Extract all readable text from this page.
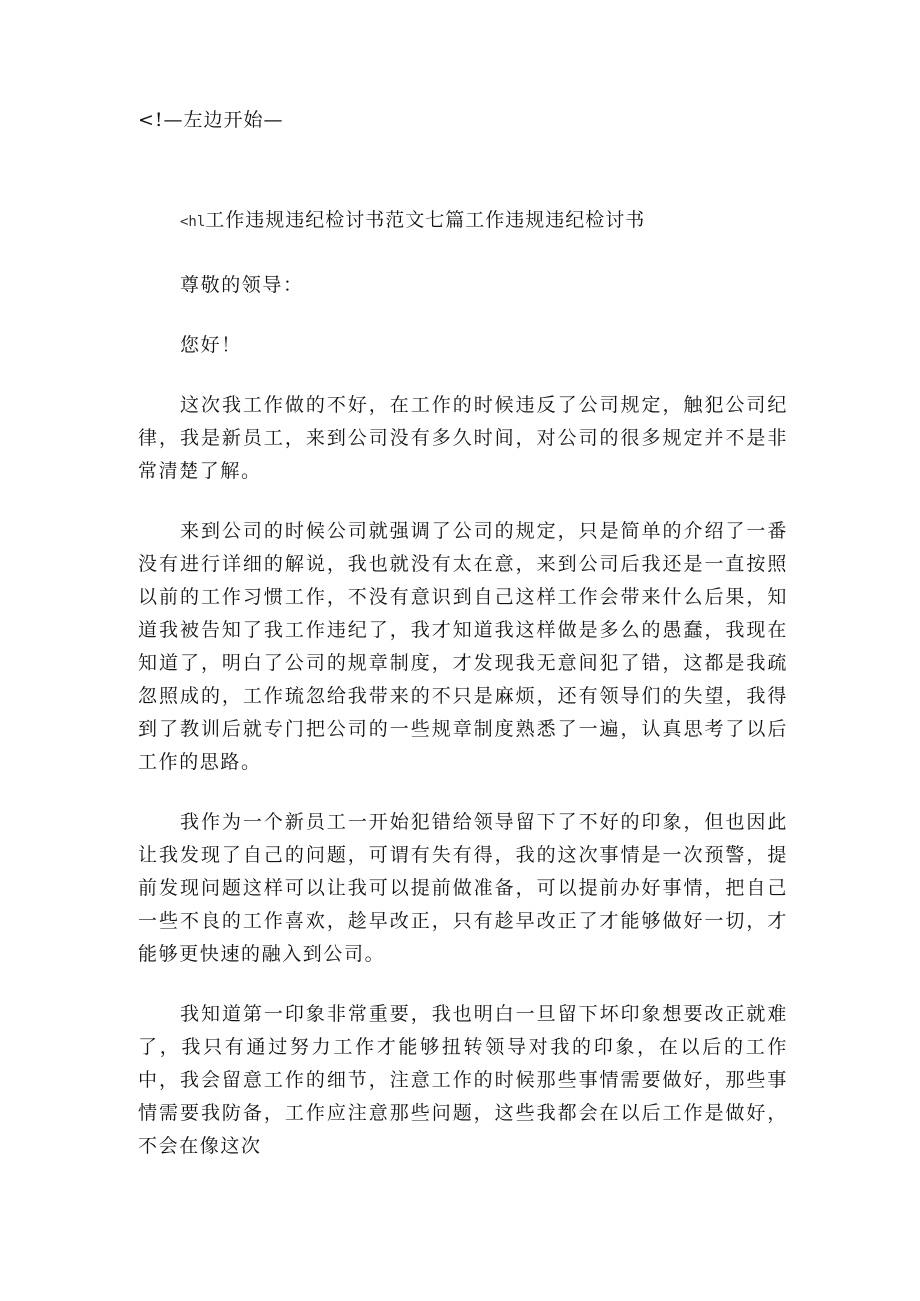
<!—左边开始—
<hl工作违规违纪检讨书范文七篇工作违规违纪检讨书

尊敬的领导：

您好！

这次我工作做的不好，在工作的时候违反了公司规定，触犯公司纪律，我是新员工，来到公司没有多久时间，对公司的很多规定并不是非常清楚了解。

来到公司的时候公司就强调了公司的规定，只是简单的介绍了一番没有进行详细的解说，我也就没有太在意，来到公司后我还是一直按照以前的工作习惯工作，不没有意识到自己这样工作会带来什么后果，知道我被告知了我工作违纪了，我才知道我这样做是多么的愚蠢，我现在知道了，明白了公司的规章制度，才发现我无意间犯了错，这都是我疏忽照成的，工作琉忽给我带来的不只是麻烦，还有领导们的失望，我得到了教训后就专门把公司的一些规章制度熟悉了一遍，认真思考了以后工作的思路。

我作为一个新员工一开始犯错给领导留下了不好的印象，但也因此让我发现了自己的问题，可谓有失有得，我的这次事情是一次预警，提前发现问题这样可以让我可以提前做准备，可以提前办好事情，把自己一些不良的工作喜欢，趁早改正，只有趁早改正了才能够做好一切，才能够更快速的融入到公司。

我知道第一印象非常重要，我也明白一旦留下坏印象想要改正就难了，我只有通过努力工作才能够扭转领导对我的印象，在以后的工作中，我会留意工作的细节，注意工作的时候那些事情需要做好，那些事情需要我防备，工作应注意那些问题，这些我都会在以后工作是做好，不会在像这次
